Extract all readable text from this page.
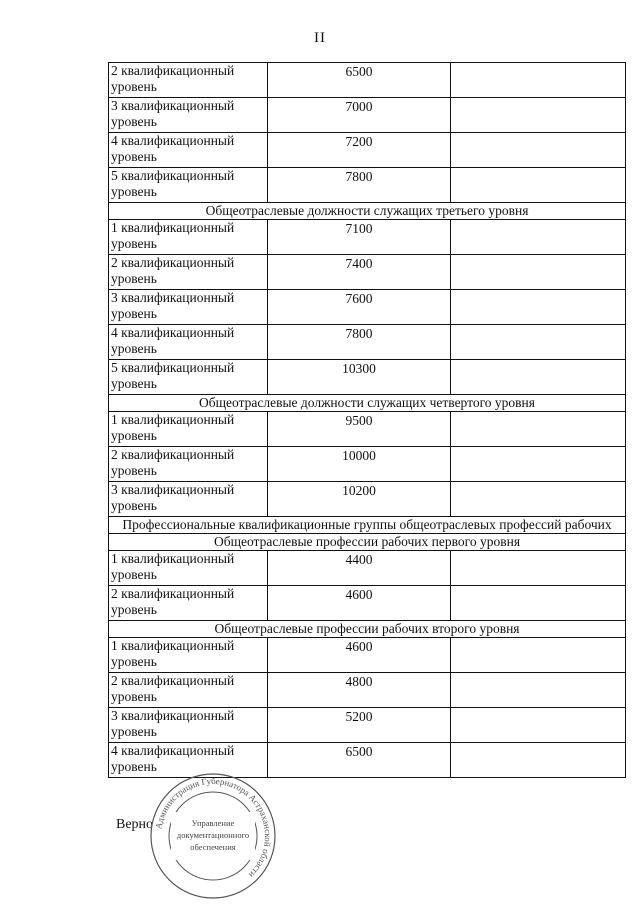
II
2 квалификационный уровень	6500	
3 квалификационный уровень	7000	
4 квалификационный уровень	7200	
5 квалификационный уровень	7800	
Общеотраслевые должности служащих третьего уровня		
1 квалификационный уровень	7100	
2 квалификационный уровень	7400	
3 квалификационный уровень	7600	
4 квалификационный уровень	7800	
5 квалификационный уровень	10300	
Общеотраслевые должности служащих четвертого уровня		
1 квалификационный уровень	9500	
2 квалификационный уровень	10000	
3 квалификационный уровень	10200	
Профессиональные квалификационные группы общеотраслевых профессий рабочих		
Общеотраслевые профессии рабочих первого уровня		
1 квалификационный уровень	4400	
2 квалификационный уровень	4600	
Общеотраслевые профессии рабочих второго уровня		
1 квалификационный уровень	4600	
2 квалификационный уровень	4800	
3 квалификационный уровень	5200	
4 квалификационный уровень	6500	
Верно Администрация Губернатора Астраханской области
Управление
документационного
обеспечения
